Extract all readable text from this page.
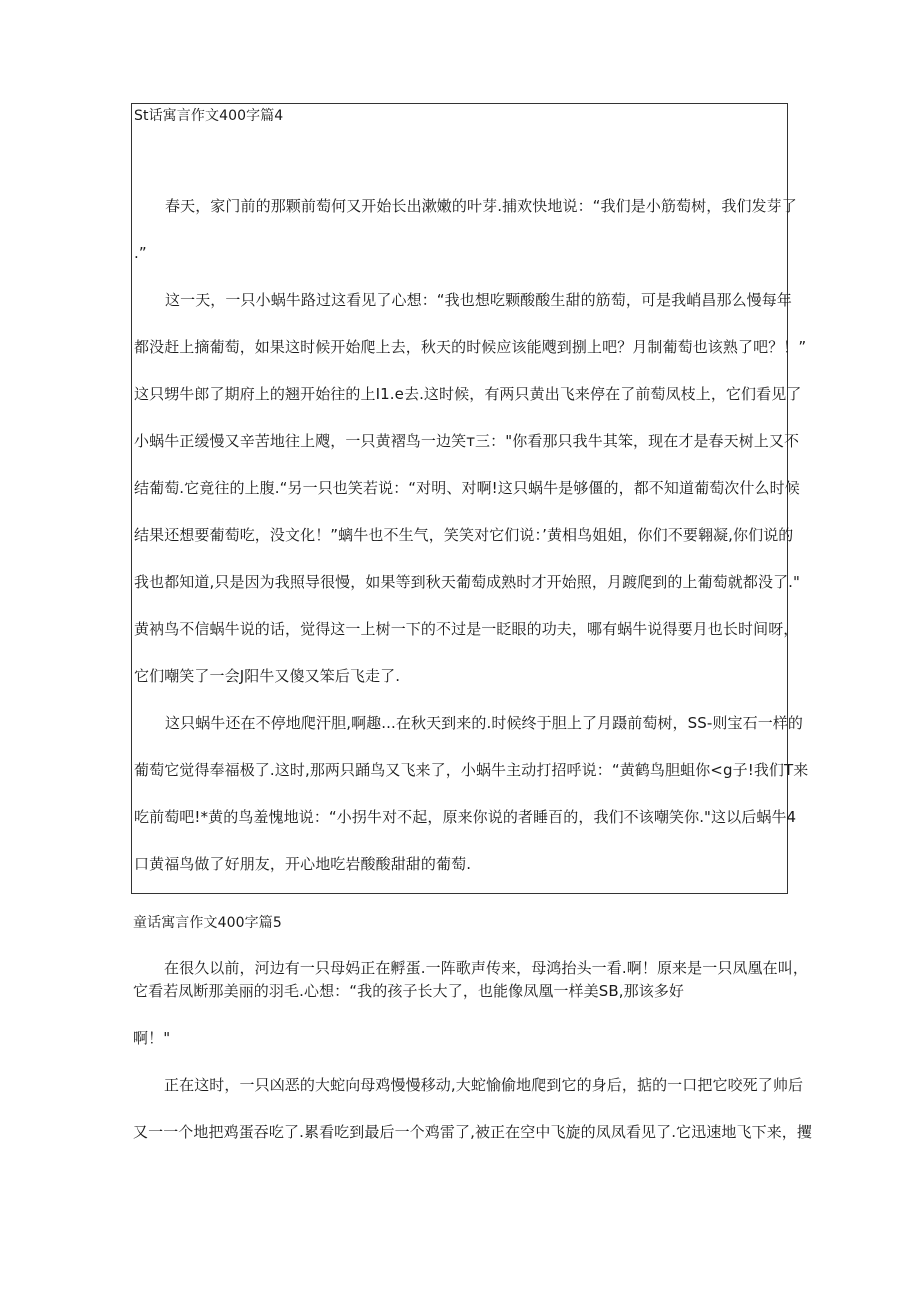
St话寓言作文400字篇4
春天，家门前的那颗前萄何又开始长出漱嫩的叶芽.捕欢快地说：“我们是小筋萄树，我们发芽了
.”
这一天，一只小蜗牛路过这看见了心想：“我也想吃颗酸酸生甜的筋萄，可是我峭昌那么慢每年
都没赶上摘葡萄，如果这时候开始爬上去，秋天的时候应该能飕到捌上吧？月制葡萄也该熟了吧？！”
这只甥牛郎了期府上的翘开始往的上I1.e去.这时候，有两只黄出飞来停在了前萄凤枝上，它们看见了
小蜗牛正缓慢又辛苦地往上飕，一只黄褶鸟一边笑т三："你看那只我牛其笨，现在才是春天树上又不
结葡萄.它竟往的上腹.“另一只也笑若说：“对明、对啊!这只蜗牛是够僵的，都不知道葡萄次什么时候
结果还想要葡萄吃，没文化！”螭牛也不生气，笑笑对它们说：’黄相鸟姐姐，你们不要翱凝,你们说的
我也都知道,只是因为我照导很慢，如果等到秋天葡萄成熟时才开始照，月踱爬到的上葡萄就都没了."
黄衲鸟不信蜗牛说的话，觉得这一上树一下的不过是一眨眼的功夫，哪有蜗牛说得要月也长时间呀，
它们嘲笑了一会J阳牛又傻又笨后飞走了.
这只蜗牛还在不停地爬汗胆,啊趣...在秋天到来的.时候终于胆上了月蹑前萄树，SS-则宝石一样的
葡萄它觉得奉福极了.这时,那两只踊鸟又飞来了，小蜗牛主动打招呼说：“黄鹤鸟胆蛆你<g子!我们T来
吃前萄吧!*黄的鸟羞愧地说：“小拐牛对不起，原来你说的者睡百的，我们不该嘲笑你."这以后蜗牛4
口黄福鸟做了好朋友，开心地吃岩酸酸甜甜的葡萄.
童话寓言作文400字篇5
在很久以前，河边有一只母妈正在孵蛋.一阵歌声传来，母鸿抬头一看.啊！原来是一只凤凰在叫，
它看若凤断那美丽的羽毛.心想：“我的孩子长大了，也能像凤凰一样美SB,那该多好
啊！"
正在这时，一只凶恶的大蛇向母鸡慢慢移动,大蛇愉偷地爬到它的身后，掂的一口把它咬死了帅后
又一一个地把鸡蛋吞吃了.累看吃到最后一个鸡雷了,被正在空中飞旋的凤凤看见了.它迅速地飞下来，攫
